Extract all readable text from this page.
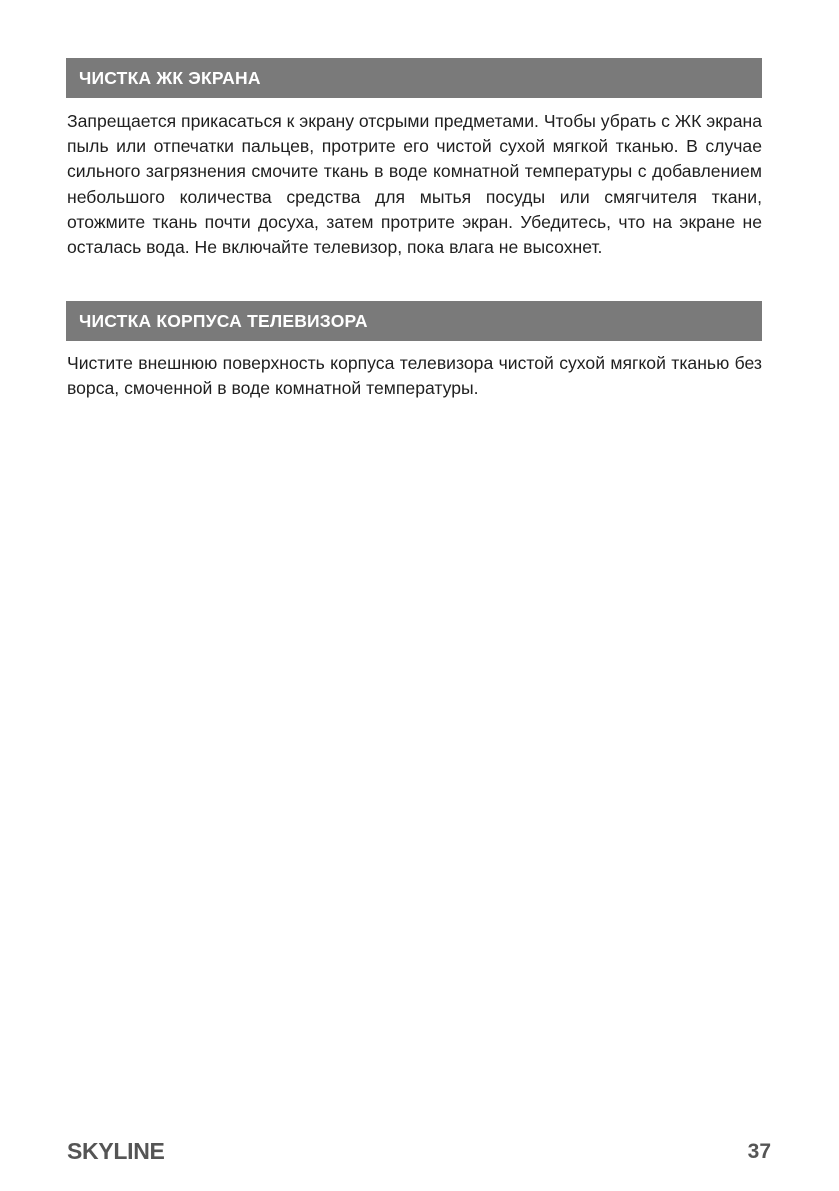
ЧИСТКА ЖК ЭКРАНА

Запрещается прикасаться к экрану отсрыми предметами. Чтобы убрать с ЖК экрана пыль или отпечатки пальцев, протрите его чистой сухой мягкой тканью. В случае сильного загрязнения смочите ткань в воде комнатной температуры с добавлением небольшого количества средства для мытья посуды или смягчителя ткани, отожмите ткань почти досуха, затем протрите экран. Убедитесь, что на экране не осталась вода. Не включайте телевизор, пока влага не высохнет.

ЧИСТКА КОРПУСА ТЕЛЕВИЗОРА

Чистите внешнюю поверхность корпуса телевизора чистой сухой мягкой тканью без ворса, смоченной в воде комнатной температуры.

SKYLINE	37
